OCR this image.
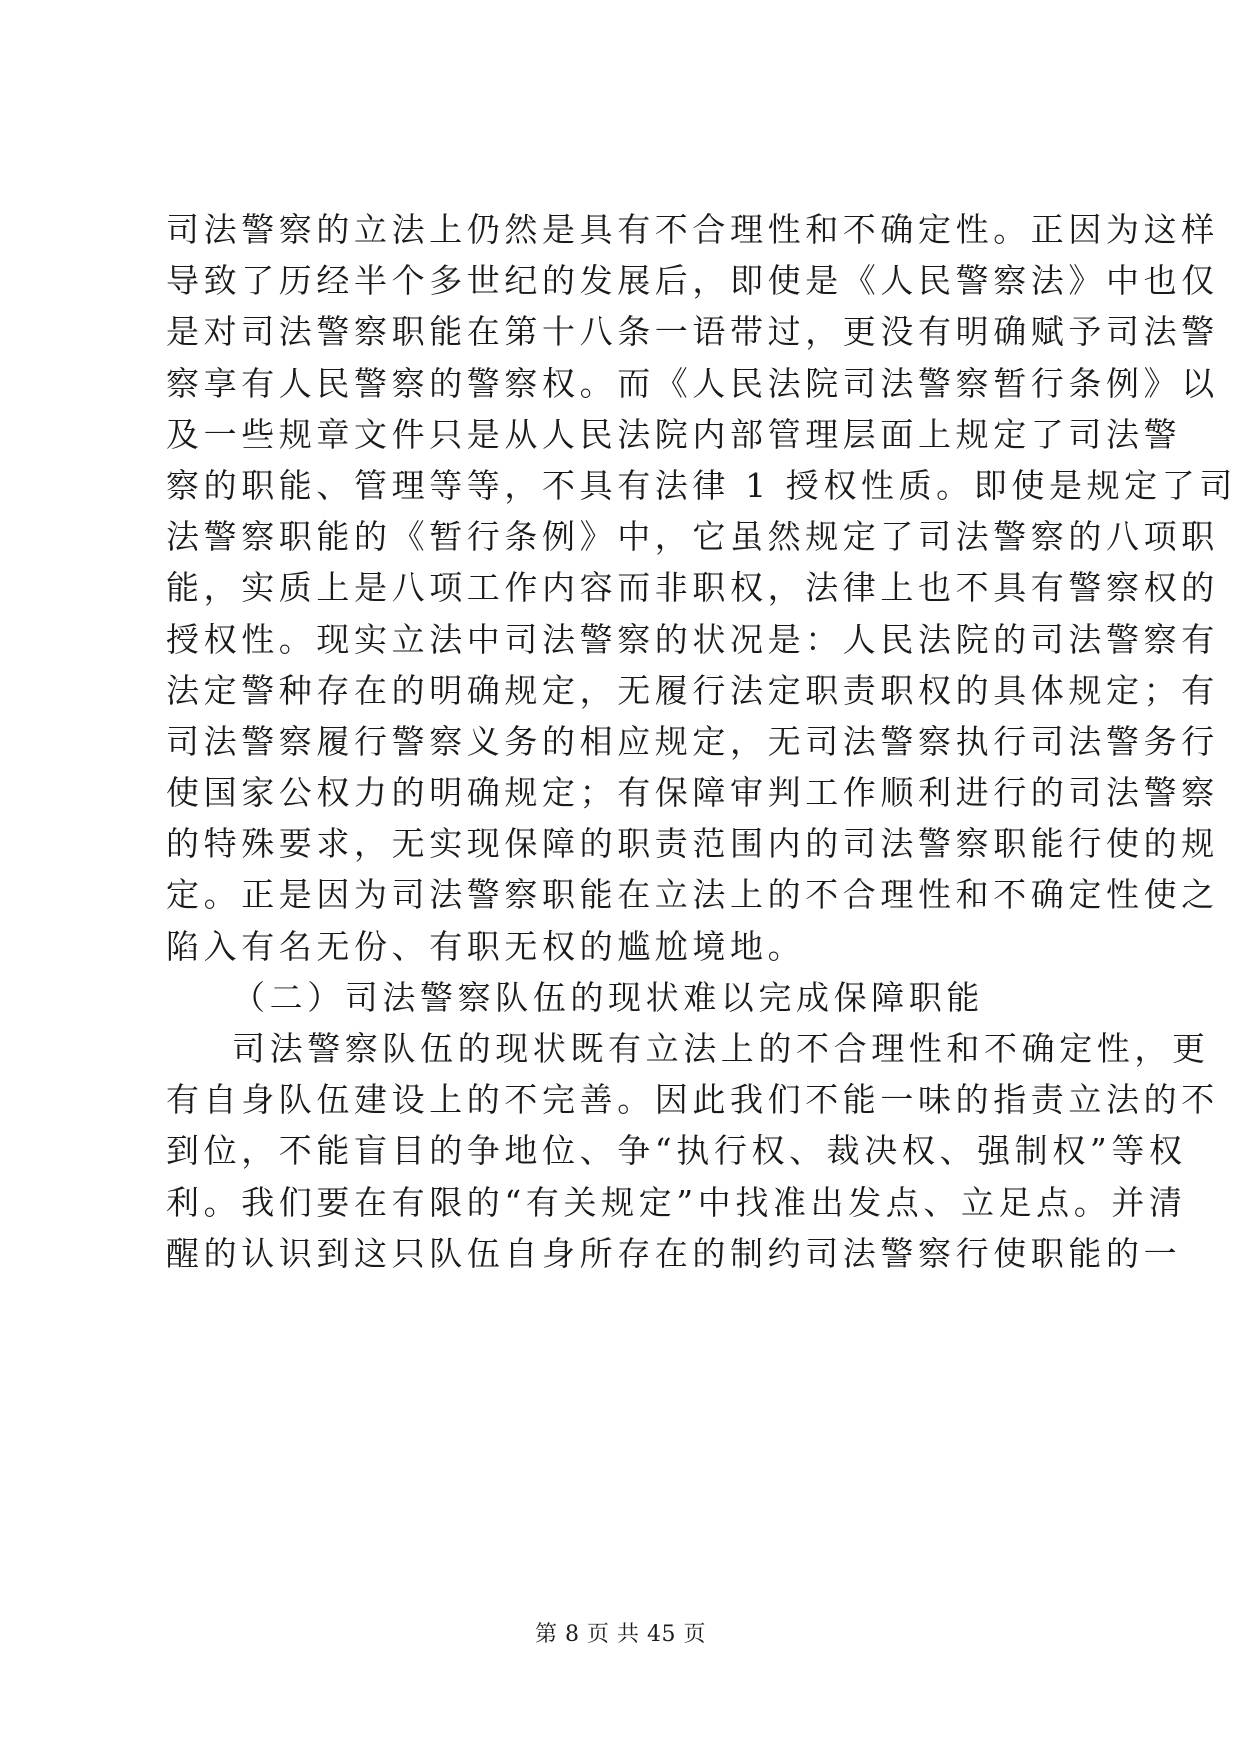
司法警察的立法上仍然是具有不合理性和不确定性。正因为这样
导致了历经半个多世纪的发展后，即使是《人民警察法》中也仅
是对司法警察职能在第十八条一语带过，更没有明确赋予司法警
察享有人民警察的警察权。而《人民法院司法警察暂行条例》以
及一些规章文件只是从人民法院内部管理层面上规定了司法警
察的职能、管理等等，不具有法律 1 授权性质。即使是规定了司
法警察职能的《暂行条例》中，它虽然规定了司法警察的八项职
能，实质上是八项工作内容而非职权，法律上也不具有警察权的
授权性。现实立法中司法警察的状况是：人民法院的司法警察有
法定警种存在的明确规定，无履行法定职责职权的具体规定；有
司法警察履行警察义务的相应规定，无司法警察执行司法警务行
使国家公权力的明确规定；有保障审判工作顺利进行的司法警察
的特殊要求，无实现保障的职责范围内的司法警察职能行使的规
定。正是因为司法警察职能在立法上的不合理性和不确定性使之
陷入有名无份、有职无权的尴尬境地。
（二）司法警察队伍的现状难以完成保障职能
司法警察队伍的现状既有立法上的不合理性和不确定性，更
有自身队伍建设上的不完善。因此我们不能一味的指责立法的不
到位，不能盲目的争地位、争“执行权、裁决权、强制权”等权
利。我们要在有限的“有关规定”中找准出发点、立足点。并清
醒的认识到这只队伍自身所存在的制约司法警察行使职能的一
第 8 页 共 45 页
